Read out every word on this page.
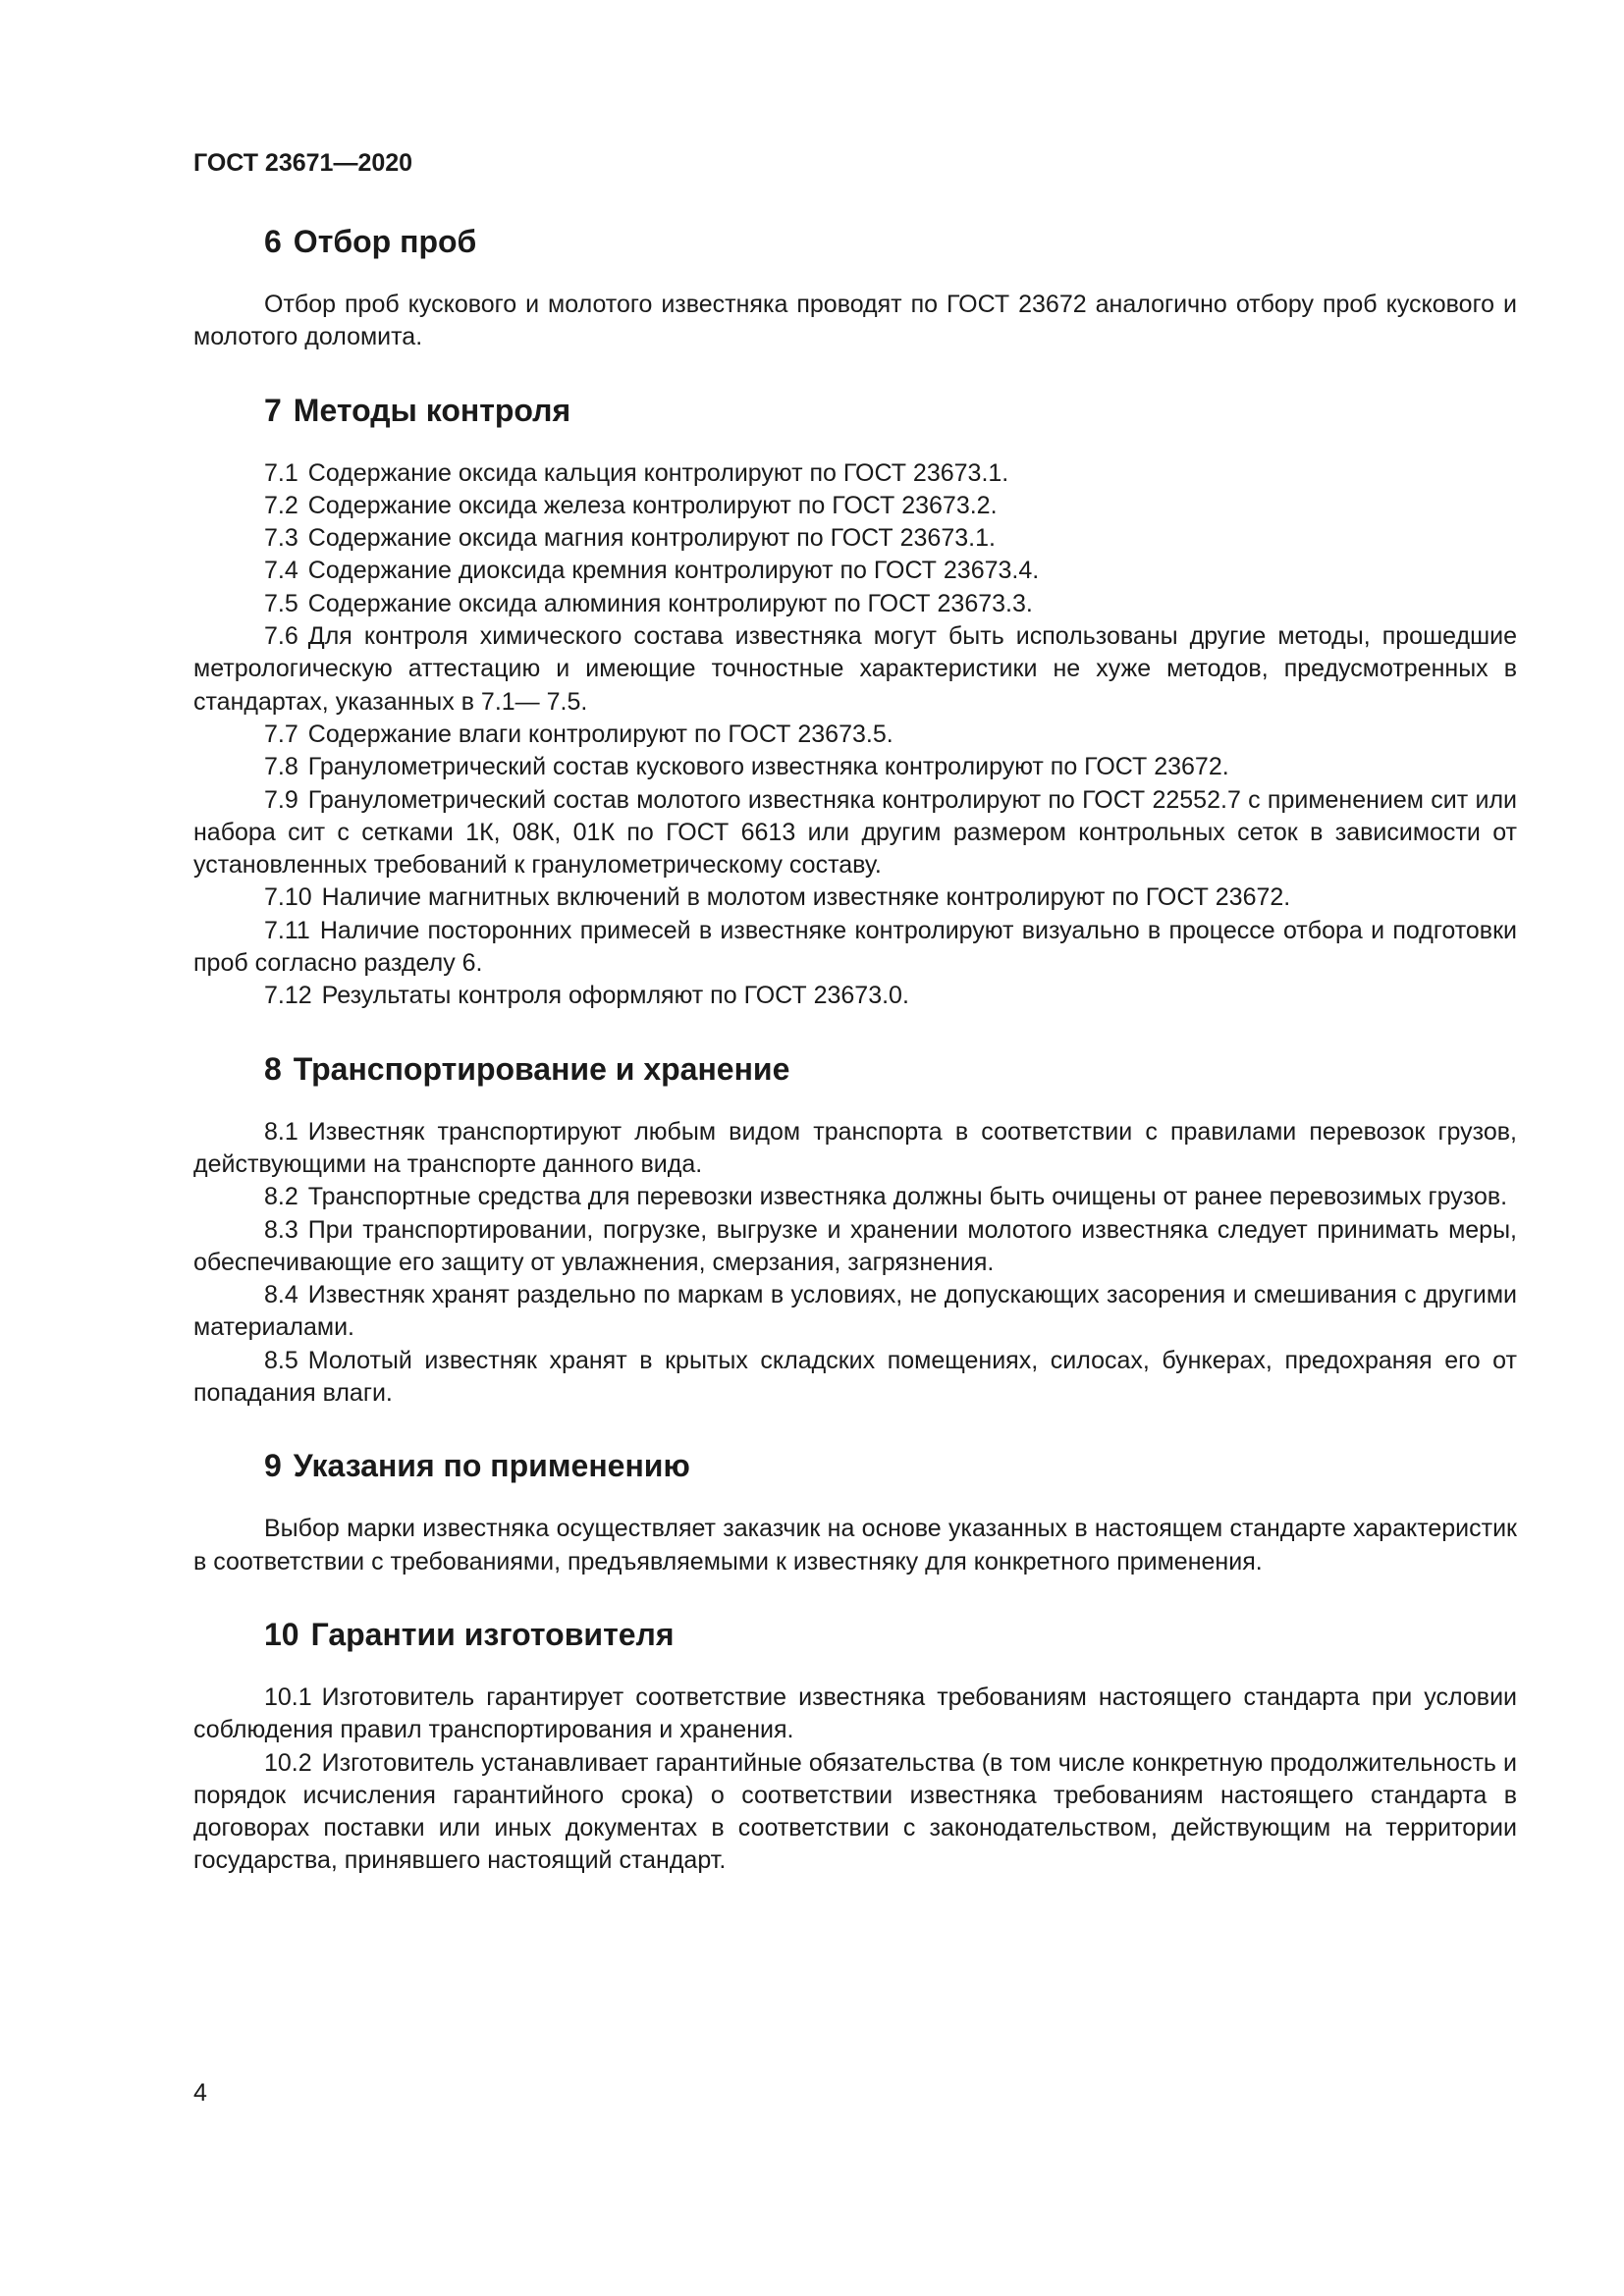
ГОСТ 23671—2020
6 Отбор проб

Отбор проб кускового и молотого известняка проводят по ГОСТ 23672 аналогично отбору проб кускового и молотого доломита.

7 Методы контроля

7.1 Содержание оксида кальция контролируют по ГОСТ 23673.1.

7.2 Содержание оксида железа контролируют по ГОСТ 23673.2.

7.3 Содержание оксида магния контролируют по ГОСТ 23673.1.

7.4 Содержание диоксида кремния контролируют по ГОСТ 23673.4.

7.5 Содержание оксида алюминия контролируют по ГОСТ 23673.3.

7.6 Для контроля химического состава известняка могут быть использованы другие методы, прошедшие метрологическую аттестацию и имеющие точностные характеристики не хуже методов, предусмотренных в стандартах, указанных в 7.1— 7.5.

7.7 Содержание влаги контролируют по ГОСТ 23673.5.

7.8 Гранулометрический состав кускового известняка контролируют по ГОСТ 23672.

7.9 Гранулометрический состав молотого известняка контролируют по ГОСТ 22552.7 с применением сит или набора сит с сетками 1К, 08К, 01К по ГОСТ 6613 или другим размером контрольных сеток в зависимости от установленных требований к гранулометрическому составу.

7.10 Наличие магнитных включений в молотом известняке контролируют по ГОСТ 23672.

7.11 Наличие посторонних примесей в известняке контролируют визуально в процессе отбора и подготовки проб согласно разделу 6.

7.12 Результаты контроля оформляют по ГОСТ 23673.0.

8 Транспортирование и хранение

8.1 Известняк транспортируют любым видом транспорта в соответствии с правилами перевозок грузов, действующими на транспорте данного вида.

8.2 Транспортные средства для перевозки известняка должны быть очищены от ранее перевозимых грузов.

8.3 При транспортировании, погрузке, выгрузке и хранении молотого известняка следует принимать меры, обеспечивающие его защиту от увлажнения, смерзания, загрязнения.

8.4 Известняк хранят раздельно по маркам в условиях, не допускающих засорения и смешивания с другими материалами.

8.5 Молотый известняк хранят в крытых складских помещениях, силосах, бункерах, предохраняя его от попадания влаги.

9 Указания по применению

Выбор марки известняка осуществляет заказчик на основе указанных в настоящем стандарте характеристик в соответствии с требованиями, предъявляемыми к известняку для конкретного применения.

10 Гарантии изготовителя

10.1 Изготовитель гарантирует соответствие известняка требованиям настоящего стандарта при условии соблюдения правил транспортирования и хранения.

10.2 Изготовитель устанавливает гарантийные обязательства (в том числе конкретную продолжительность и порядок исчисления гарантийного срока) о соответствии известняка требованиям настоящего стандарта в договорах поставки или иных документах в соответствии с законодательством, действующим на территории государства, принявшего настоящий стандарт.

4
